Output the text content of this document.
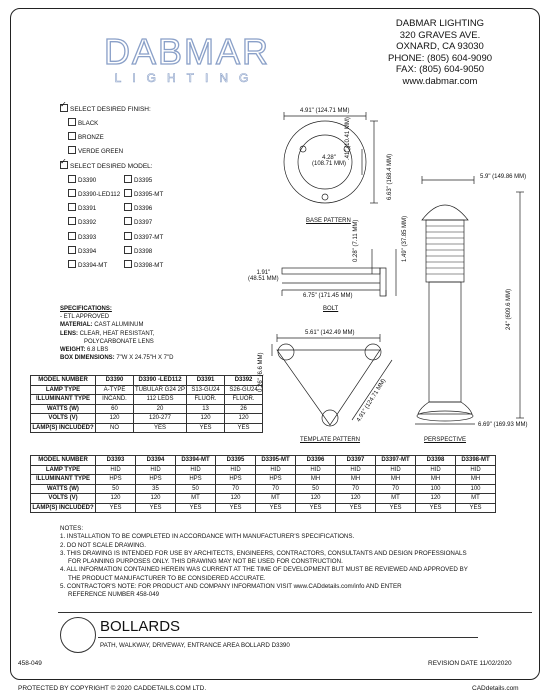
DABMAR
LIGHTING
DABMAR LIGHTING
320 GRAVES AVE.
OXNARD, CA 93030
PHONE: (805) 604-9090
FAX: (805) 604-9050
www.dabmar.com
✓SELECT DESIRED FINISH:
BLACK
BRONZE
VERDE GREEN
✓SELECT DESIRED MODEL:
D3390
D3390-LED112
D3391
D3392
D3393
D3394
D3394-MT
D3395
D3395-MT
D3396
D3397
D3397-MT
D3398
D3398-MT
SPECIFICATIONS:
- ETL APPROVED
MATERIAL: CAST ALUMINUM
LENS: CLEAR, HEAT RESISTANT,
POLYCARBONATE LENS
WEIGHT: 6.8 LBS
BOX DIMENSIONS: 7"W X 24.75"H X 7"D
MODEL NUMBER	D3390	D3390 -LED112	D3391	D3392
LAMP TYPE	A-TYPE	TUBULAR G24 2P	S13-GU24	S26-GU24
ILLUMINANT TYPE	INCAND.	112 LEDS	FLUOR.	FLUOR.
WATTS (W)	60	20	13	26
VOLTS (V)	120	120-277	120	120
LAMP(S) INCLUDED?	NO	YES	YES	YES
MODEL NUMBER	D3393	D3394	D3394-MT	D3395	D3395-MT	D3396	D3397	D3397-MT	D3398	D3398-MT
LAMP TYPE	HID	HID	HID	HID	HID	HID	HID	HID	HID	HID
ILLUMINANT TYPE	HPS	HPS	HPS	HPS	HPS	MH	MH	MH	MH	MH
WATTS (W)	50	35	50	70	70	50	70	70	100	100
VOLTS (V)	120	120	MT	120	MT	120	120	MT	120	MT
LAMP(S) INCLUDED?	YES	YES	YES	YES	YES	YES	YES	YES	YES	YES
4.91" (124.71 MM)
4.28"
(108.71 MM)
.41" (10.41 MM)
6.63" (168.4 MM)
BASE PATTERN
1.91"
(48.51 MM)
0.28" (7.11 MM)
1.49" (37.85 MM)
6.75" (171.45 MM)
BOLT
5.61" (142.49 MM)
0.26" (6.6 MM)
4.91" (124.71 MM)
TEMPLATE PATTERN
5.9" (149.86 MM)
24" (609.6 MM)
6.69" (169.93 MM)
PERSPECTIVE
NOTES:
1. INSTALLATION TO BE COMPLETED IN ACCORDANCE WITH MANUFACTURER'S SPECIFICATIONS.
2. DO NOT SCALE DRAWING.
3. THIS DRAWING IS INTENDED FOR USE BY ARCHITECTS, ENGINEERS, CONTRACTORS, CONSULTANTS AND DESIGN PROFESSIONALS
FOR PLANNING PURPOSES ONLY. THIS DRAWING MAY NOT BE USED FOR CONSTRUCTION.
4. ALL INFORMATION CONTAINED HEREIN WAS CURRENT AT THE TIME OF DEVELOPMENT BUT MUST BE REVIEWED AND APPROVED BY
THE PRODUCT MANUFACTURER TO BE CONSIDERED ACCURATE.
5. CONTRACTOR'S NOTE: FOR PRODUCT AND COMPANY INFORMATION VISIT www.CADdetails.com/info AND ENTER
REFERENCE NUMBER 458-049
BOLLARDS
PATH, WALKWAY, DRIVEWAY, ENTRANCE AREA BOLLARD D3390
458-049	REVISION DATE 11/02/2020
PROTECTED BY COPYRIGHT © 2020 CADDETAILS.COM LTD.	CADdetails.com
